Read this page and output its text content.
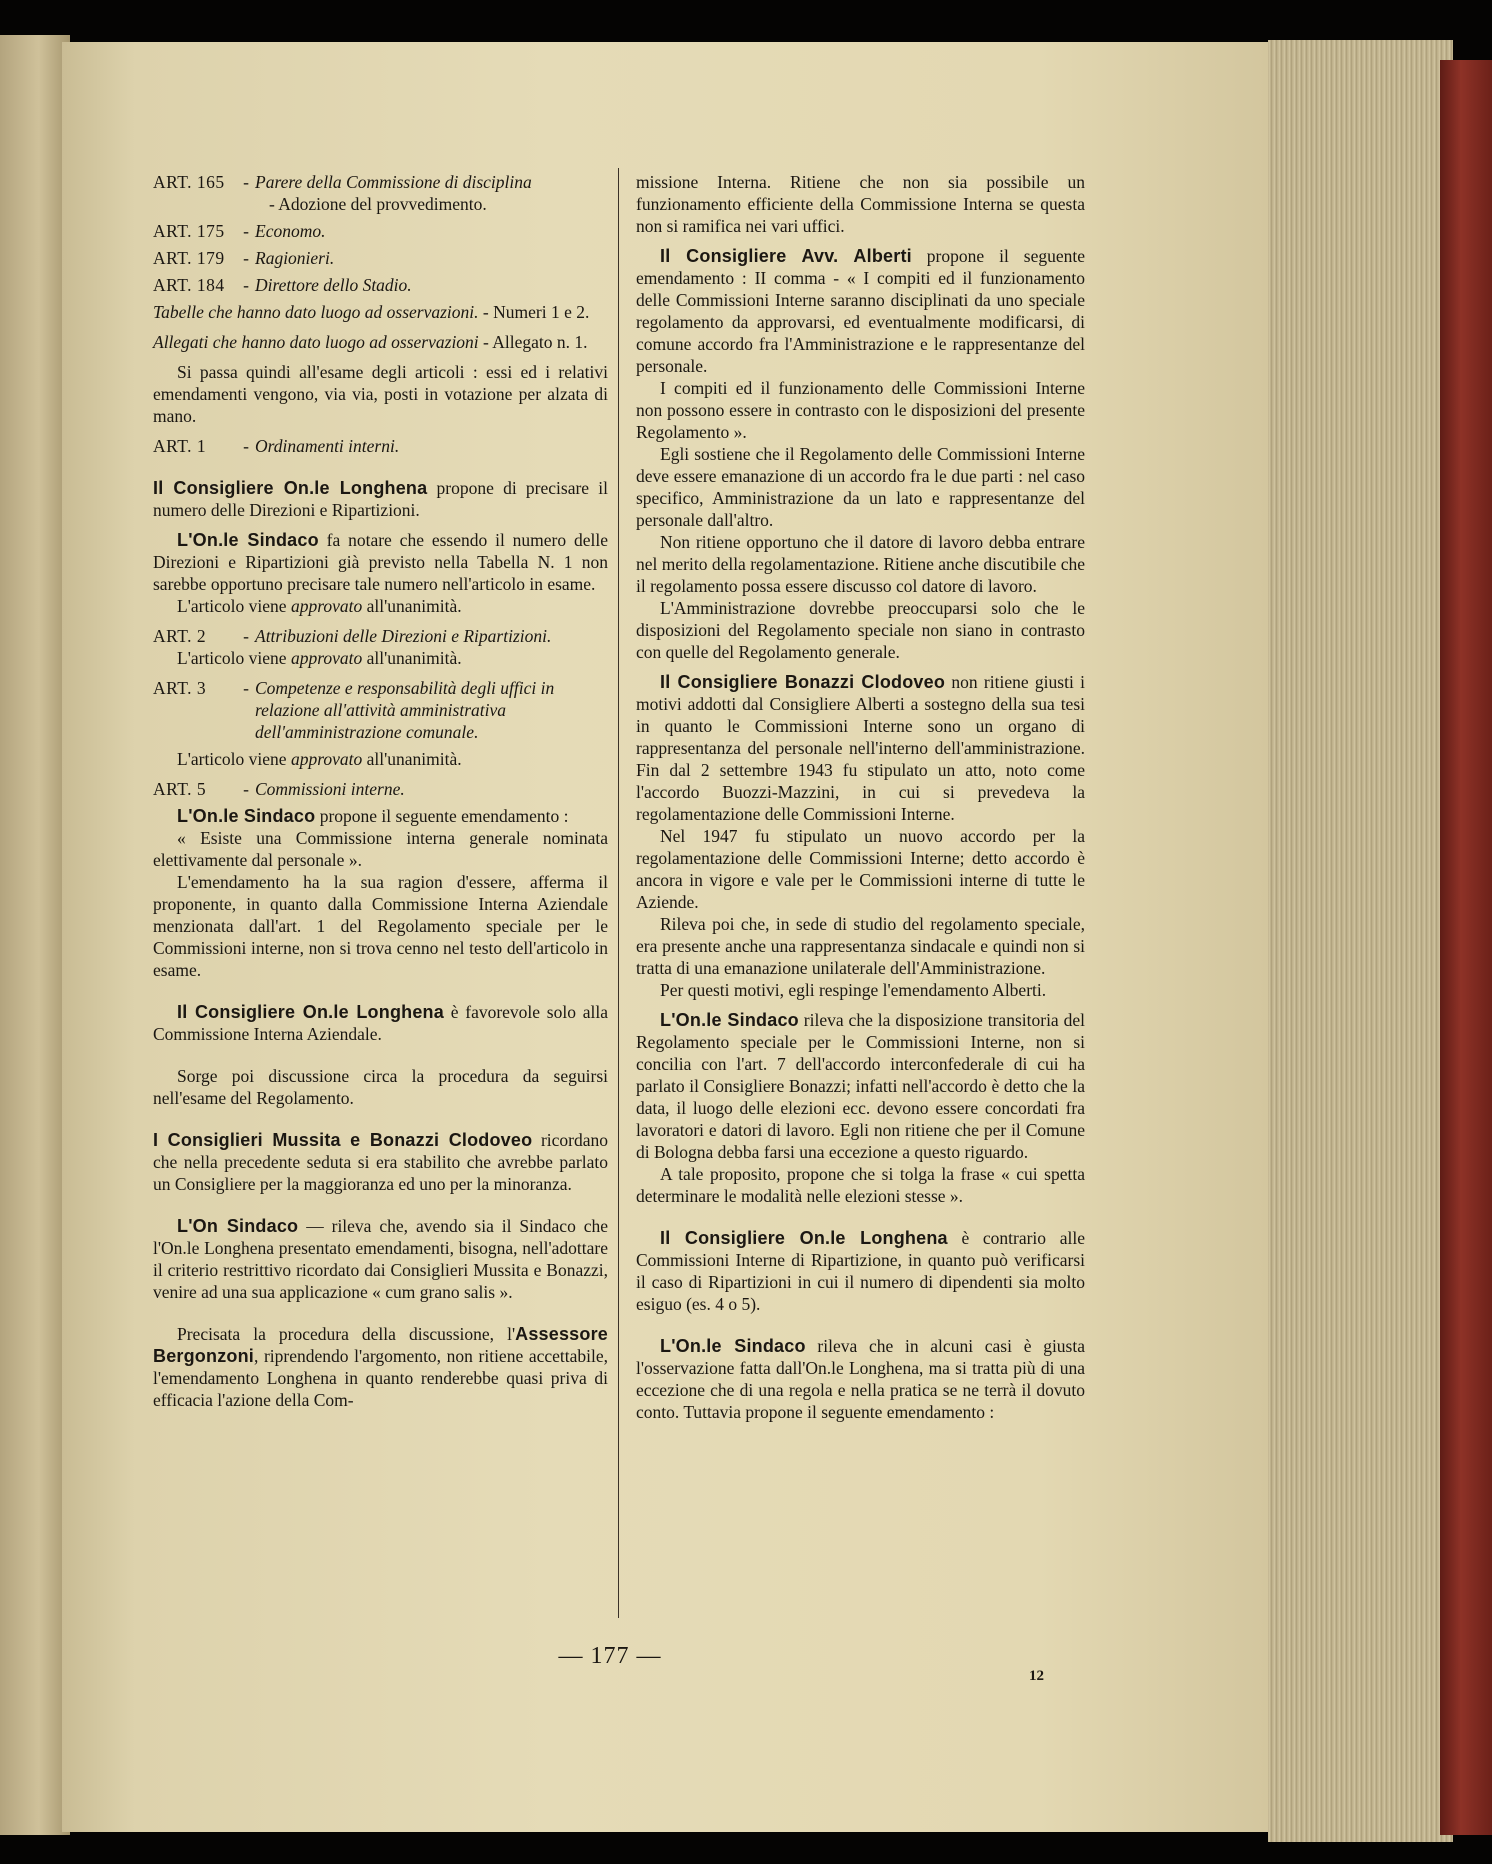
ART. 165	- Parere della Commissione di disciplina
- Adozione del provvedimento.
ART. 175	- Economo.
ART. 179	- Ragionieri.
ART. 184	- Direttore dello Stadio.

Tabelle che hanno dato luogo ad osservazioni. - Numeri 1 e 2.

Allegati che hanno dato luogo ad osservazioni - Allegato n. 1.

Si passa quindi all'esame degli articoli : essi ed i relativi emendamenti vengono, via via, posti in votazione per alzata di mano.

ART. 1	- Ordinamenti interni.

Il Consigliere On.le Longhena propone di precisare il numero delle Direzioni e Ripartizioni.

L'On.le Sindaco fa notare che essendo il numero delle Direzioni e Ripartizioni già previsto nella Tabella N. 1 non sarebbe opportuno precisare tale numero nell'articolo in esame.

L'articolo viene approvato all'unanimità.

ART. 2	- Attribuzioni delle Direzioni e Ripartizioni.

L'articolo viene approvato all'unanimità.

ART. 3	- Competenze e responsabilità degli uffici in relazione all'attività amministrativa dell'amministrazione comunale.

L'articolo viene approvato all'unanimità.

ART. 5	- Commissioni interne.

L'On.le Sindaco propone il seguente emendamento :

« Esiste una Commissione interna generale nominata elettivamente dal personale ».

L'emendamento ha la sua ragion d'essere, afferma il proponente, in quanto dalla Commissione Interna Aziendale menzionata dall'art. 1 del Regolamento speciale per le Commissioni interne, non si trova cenno nel testo dell'articolo in esame.

Il Consigliere On.le Longhena è favorevole solo alla Commissione Interna Aziendale.

Sorge poi discussione circa la procedura da seguirsi nell'esame del Regolamento.

I Consiglieri Mussita e Bonazzi Clodoveo ricordano che nella precedente seduta si era stabilito che avrebbe parlato un Consigliere per la maggioranza ed uno per la minoranza.

L'On Sindaco — rileva che, avendo sia il Sindaco che l'On.le Longhena presentato emendamenti, bisogna, nell'adottare il criterio restrittivo ricordato dai Consiglieri Mussita e Bonazzi, venire ad una sua applicazione « cum grano salis ».

Precisata la procedura della discussione, l'Assessore Bergonzoni, riprendendo l'argomento, non ritiene accettabile, l'emendamento Longhena in quanto renderebbe quasi priva di efficacia l'azione della Com-

missione Interna. Ritiene che non sia possibile un funzionamento efficiente della Commissione Interna se questa non si ramifica nei vari uffici.

Il Consigliere Avv. Alberti propone il seguente emendamento : II comma - « I compiti ed il funzionamento delle Commissioni Interne saranno disciplinati da uno speciale regolamento da approvarsi, ed eventualmente modificarsi, di comune accordo fra l'Amministrazione e le rappresentanze del personale.

I compiti ed il funzionamento delle Commissioni Interne non possono essere in contrasto con le disposizioni del presente Regolamento ».

Egli sostiene che il Regolamento delle Commissioni Interne deve essere emanazione di un accordo fra le due parti : nel caso specifico, Amministrazione da un lato e rappresentanze del personale dall'altro.

Non ritiene opportuno che il datore di lavoro debba entrare nel merito della regolamentazione. Ritiene anche discutibile che il regolamento possa essere discusso col datore di lavoro.

L'Amministrazione dovrebbe preoccuparsi solo che le disposizioni del Regolamento speciale non siano in contrasto con quelle del Regolamento generale.

Il Consigliere Bonazzi Clodoveo non ritiene giusti i motivi addotti dal Consigliere Alberti a sostegno della sua tesi in quanto le Commissioni Interne sono un organo di rappresentanza del personale nell'interno dell'amministrazione. Fin dal 2 settembre 1943 fu stipulato un atto, noto come l'accordo Buozzi-Mazzini, in cui si prevedeva la regolamentazione delle Commissioni Interne.

Nel 1947 fu stipulato un nuovo accordo per la regolamentazione delle Commissioni Interne; detto accordo è ancora in vigore e vale per le Commissioni interne di tutte le Aziende.

Rileva poi che, in sede di studio del regolamento speciale, era presente anche una rappresentanza sindacale e quindi non si tratta di una emanazione unilaterale dell'Amministrazione.

Per questi motivi, egli respinge l'emendamento Alberti.

L'On.le Sindaco rileva che la disposizione transitoria del Regolamento speciale per le Commissioni Interne, non si concilia con l'art. 7 dell'accordo interconfederale di cui ha parlato il Consigliere Bonazzi; infatti nell'accordo è detto che la data, il luogo delle elezioni ecc. devono essere concordati fra lavoratori e datori di lavoro. Egli non ritiene che per il Comune di Bologna debba farsi una eccezione a questo riguardo.

A tale proposito, propone che si tolga la frase « cui spetta determinare le modalità nelle elezioni stesse ».

Il Consigliere On.le Longhena è contrario alle Commissioni Interne di Ripartizione, in quanto può verificarsi il caso di Ripartizioni in cui il numero di dipendenti sia molto esiguo (es. 4 o 5).

L'On.le Sindaco rileva che in alcuni casi è giusta l'osservazione fatta dall'On.le Longhena, ma si tratta più di una eccezione che di una regola e nella pratica se ne terrà il dovuto conto. Tuttavia propone il seguente emendamento :

— 177 —
12
